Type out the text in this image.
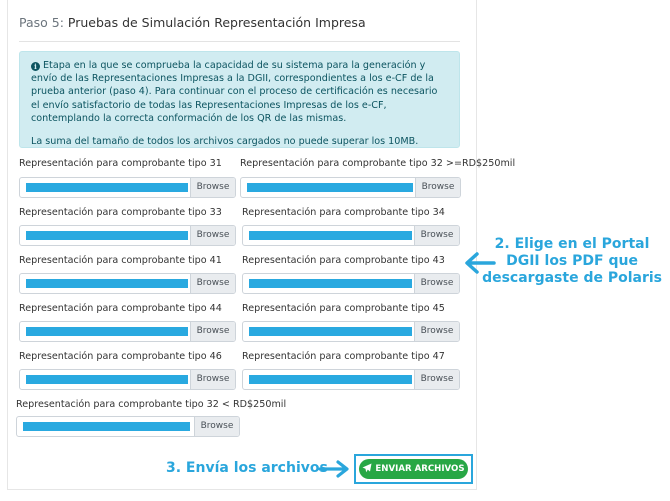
Paso 5: Pruebas de Simulación Representación Impresa

i Etapa en la que se comprueba la capacidad de su sistema para la generación y envío de las Representaciones Impresas a la DGII, correspondientes a los e-CF de la prueba anterior (paso 4). Para continuar con el proceso de certificación es necesario el envío satisfactorio de todas las Representaciones Impresas de los e-CF, contemplando la correcta conformación de los QR de las mismas.

La suma del tamaño de todos los archivos cargados no puede superar los 10MB.

Representación para comprobante tipo 31
Browse
Representación para comprobante tipo 32 >=RD$250mil
Browse
Representación para comprobante tipo 33
Browse
Representación para comprobante tipo 34
Browse
Representación para comprobante tipo 41
Browse
Representación para comprobante tipo 43
Browse
Representación para comprobante tipo 44
Browse
Representación para comprobante tipo 45
Browse
Representación para comprobante tipo 46
Browse
Representación para comprobante tipo 47
Browse
Representación para comprobante tipo 32 < RD$250mil
Browse
2. Elige en el Portal
DGII los PDF que
descargaste de Polaris
3. Envía los archivos	ENVIAR ARCHIVOS
